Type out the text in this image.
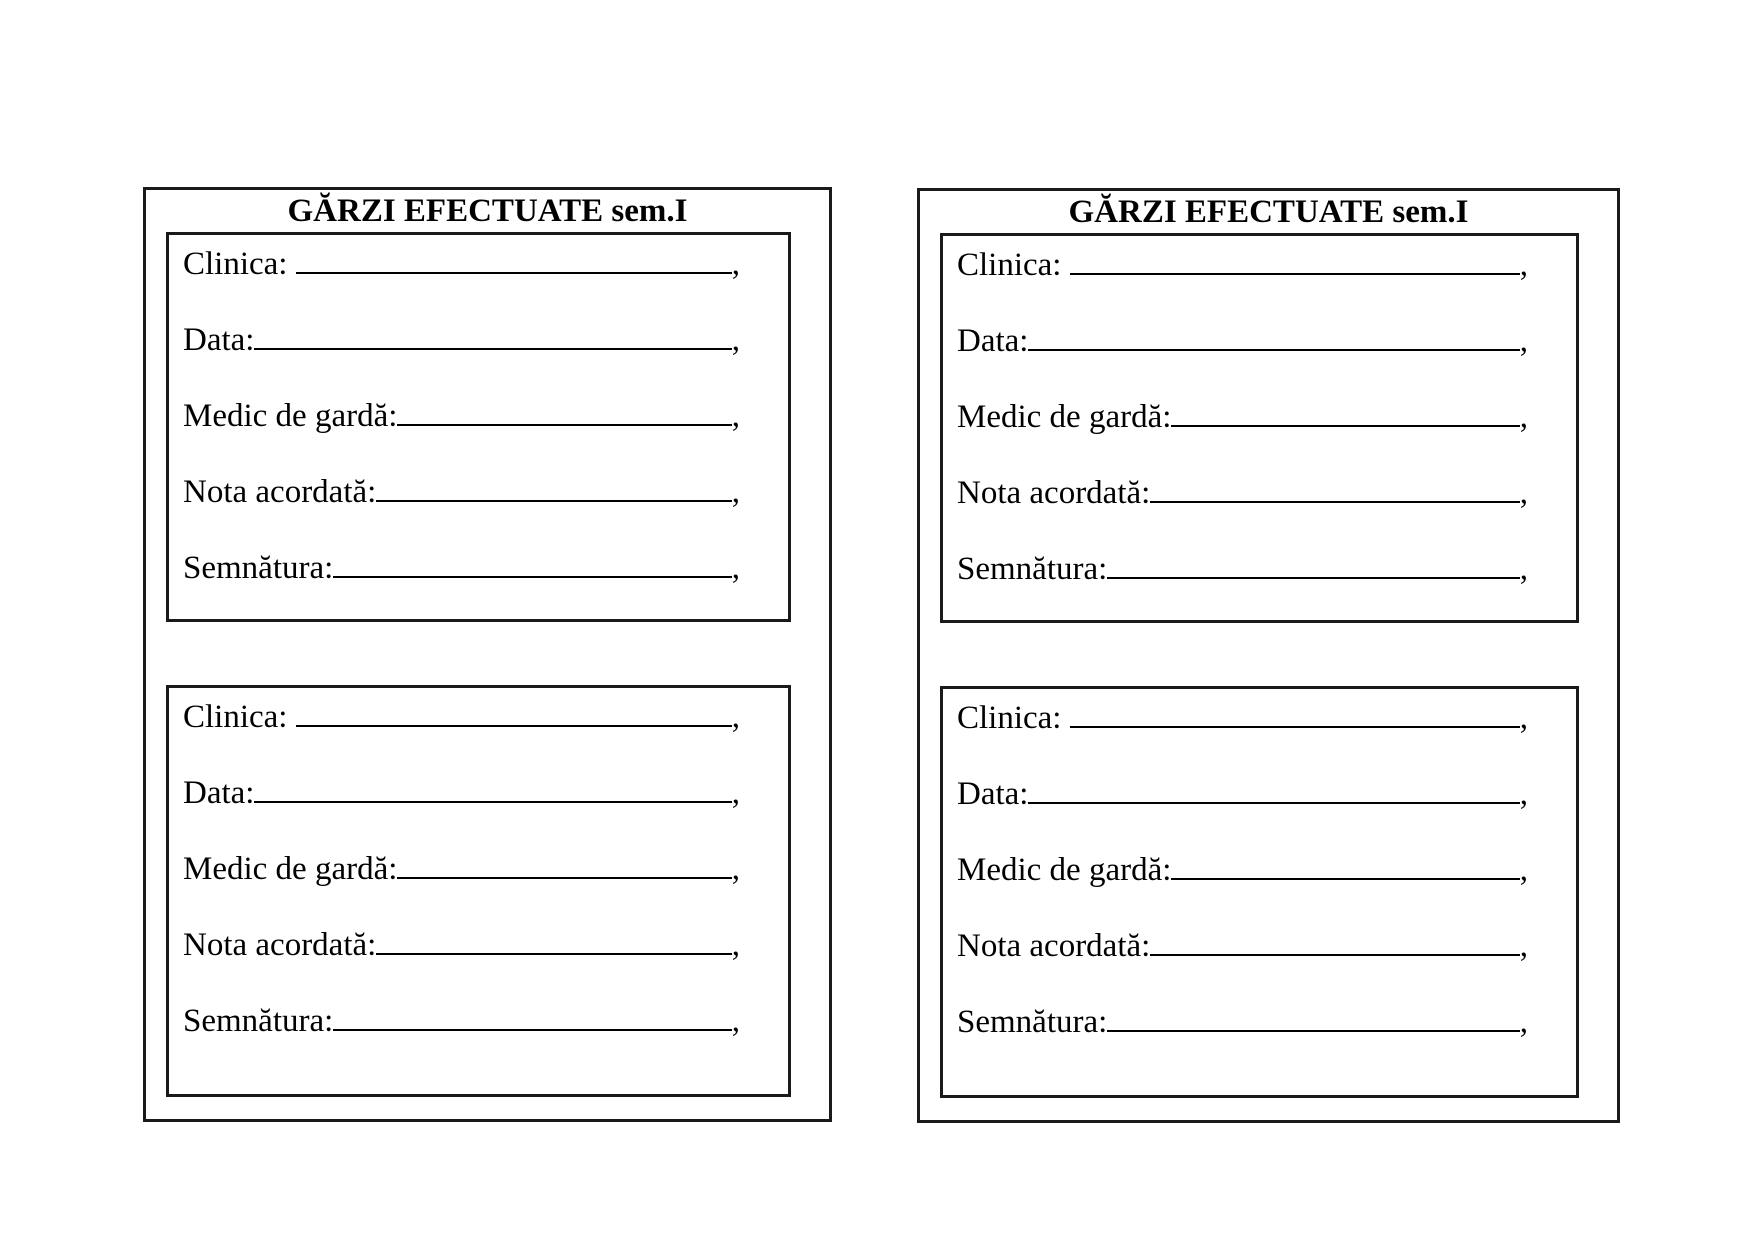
GĂRZI EFECTUATE sem.I
Clinica:	,
Data:	,
Medic de gardă:	,
Nota acordată:	,
Semnătura:	,
Clinica:	,
Data:	,
Medic de gardă:	,
Nota acordată:	,
Semnătura:	,
GĂRZI EFECTUATE sem.I
Clinica:	,
Data:	,
Medic de gardă:	,
Nota acordată:	,
Semnătura:	,
Clinica:	,
Data:	,
Medic de gardă:	,
Nota acordată:	,
Semnătura:	,
